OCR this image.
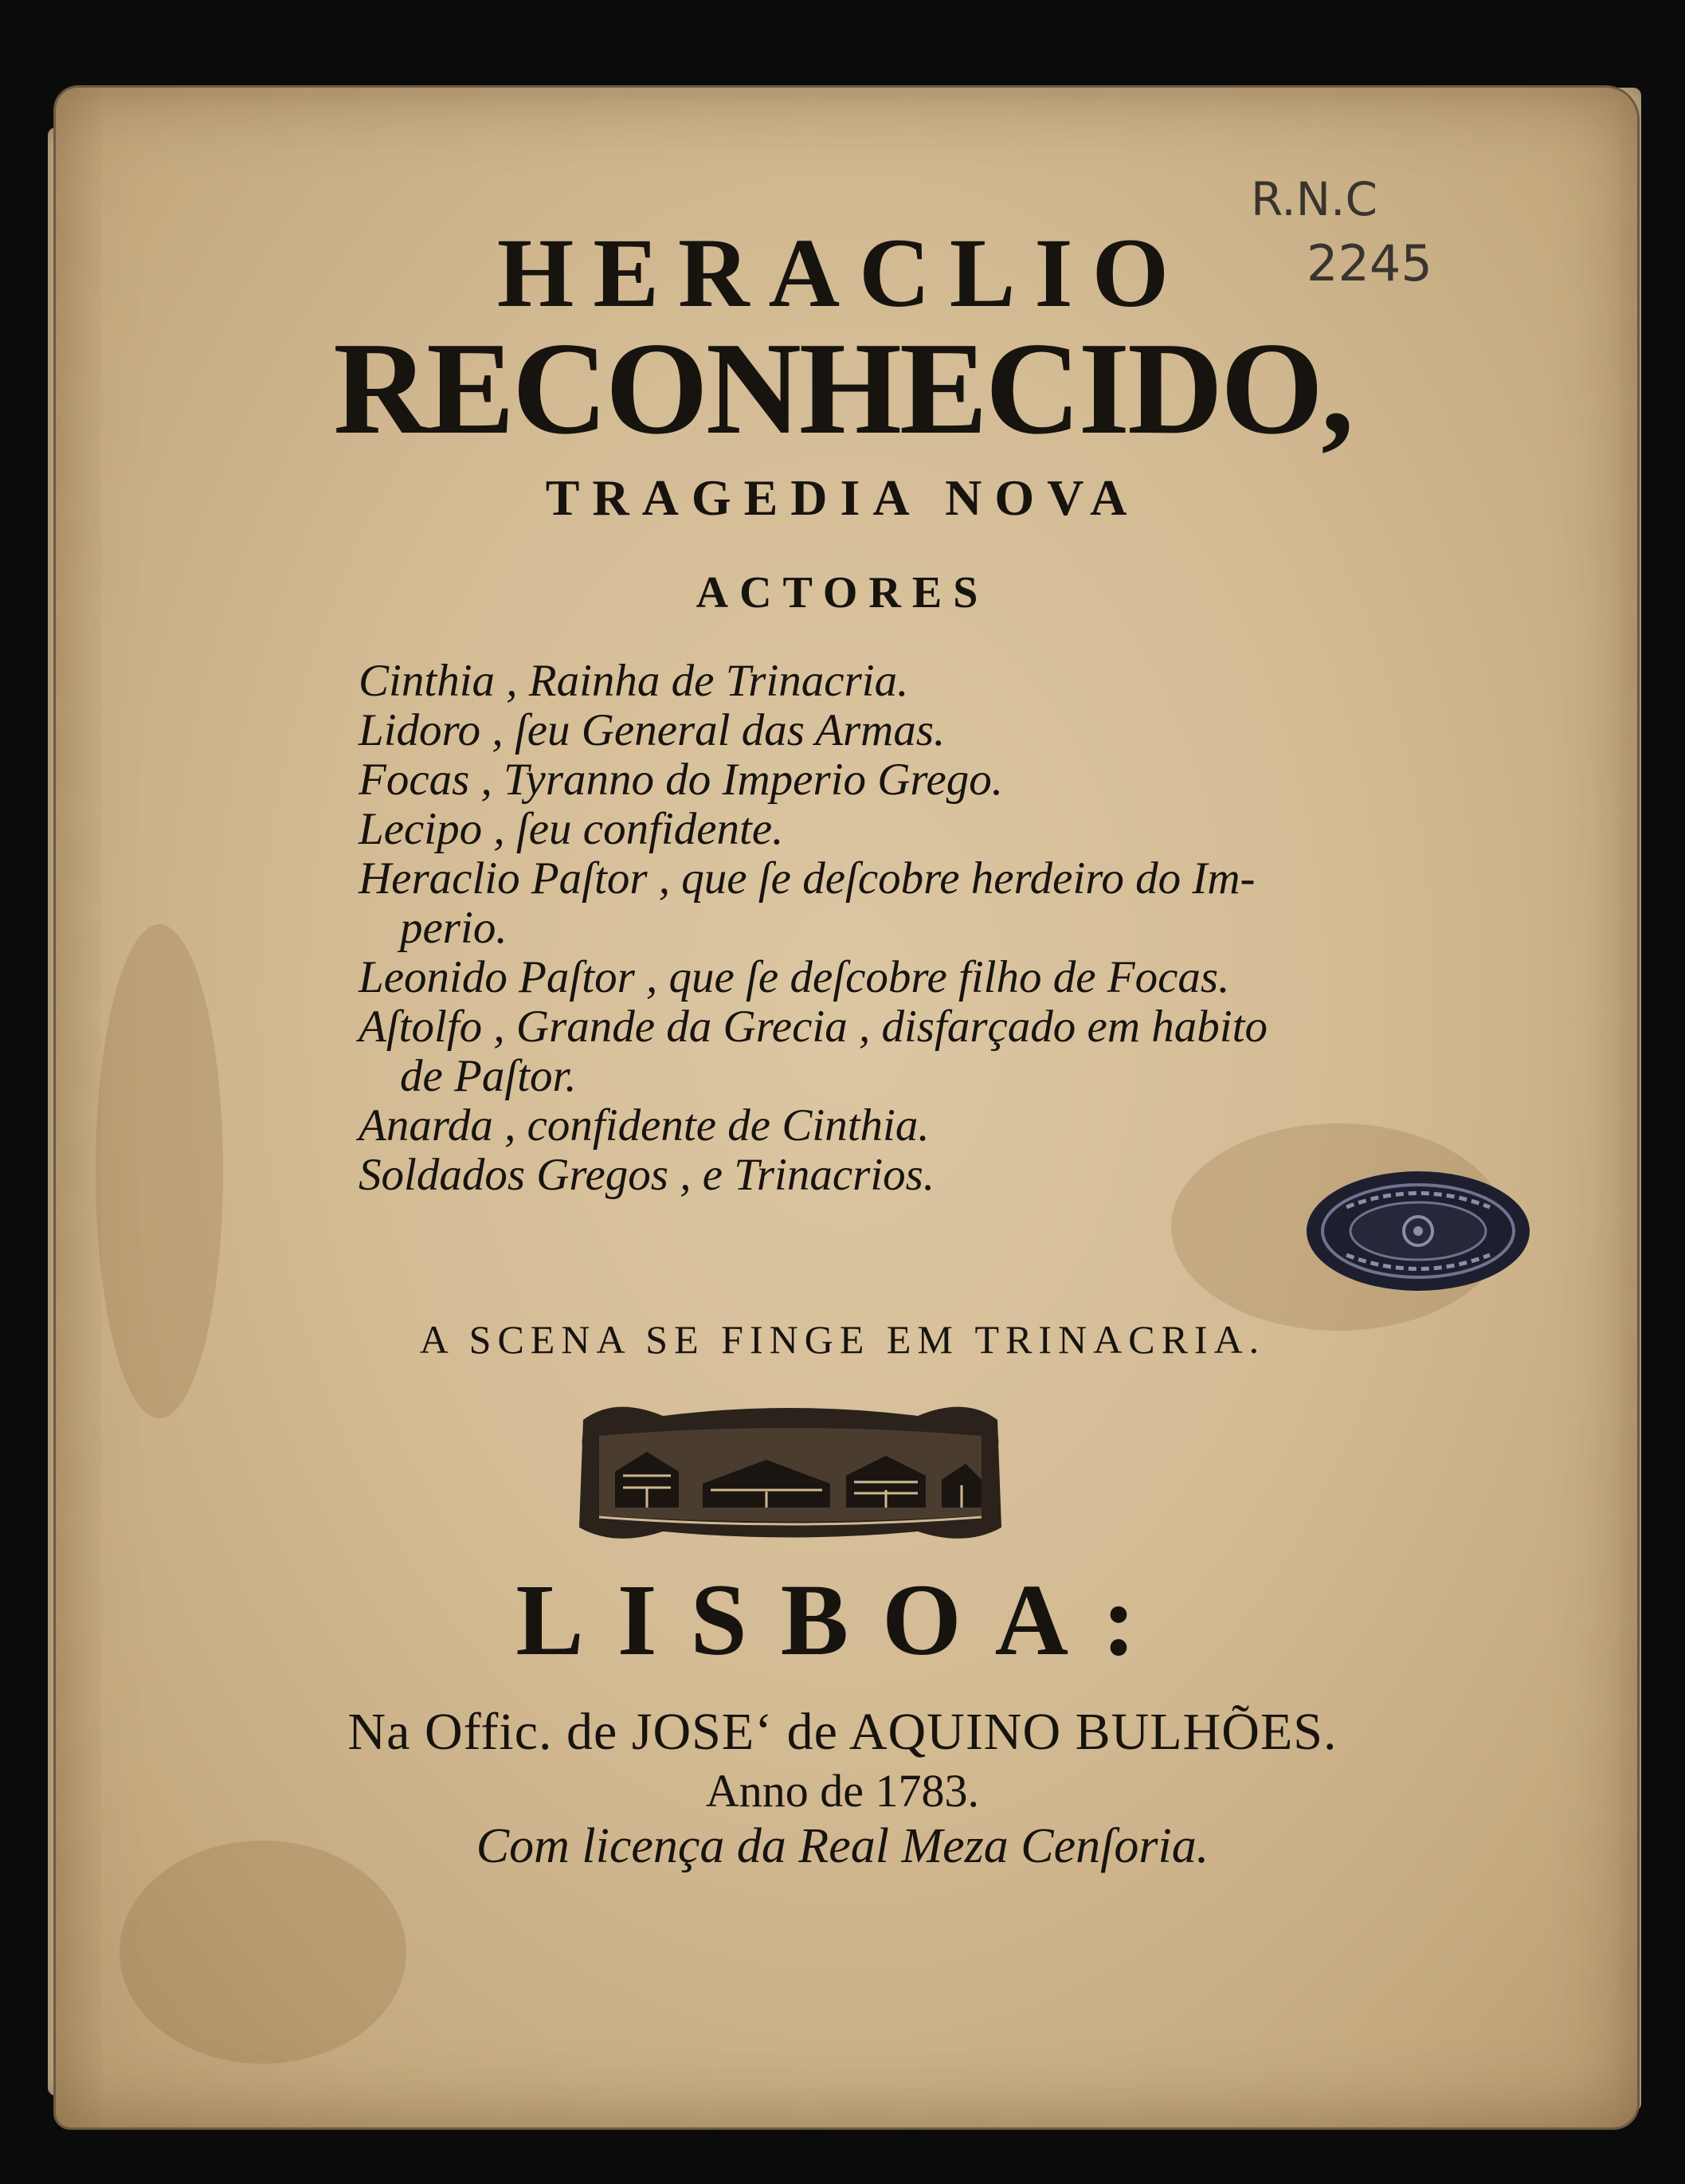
R.N.C
2245
HERACLIO
RECONHECIDO,
TRAGEDIA NOVA
ACTORES
Cinthia , Rainha de Trinacria.
Lidoro , ſeu General das Armas.
Focas , Tyranno do Imperio Grego.
Lecipo , ſeu confidente.
Heraclio Paſtor , que ſe deſcobre herdeiro do Im-
perio.
Leonido Paſtor , que ſe deſcobre filho de Focas.
Aſtolfo , Grande da Grecia , disfarçado em habito
de Paſtor.
Anarda , confidente de Cinthia.
Soldados Gregos , e Trinacrios.

A SCENA SE FINGE EM TRINACRIA.

LISBOA:

Na Offic. de JOSEʻ de AQUINO BULHÕES.

Anno de 1783.

Com licença da Real Meza Cenſoria.
